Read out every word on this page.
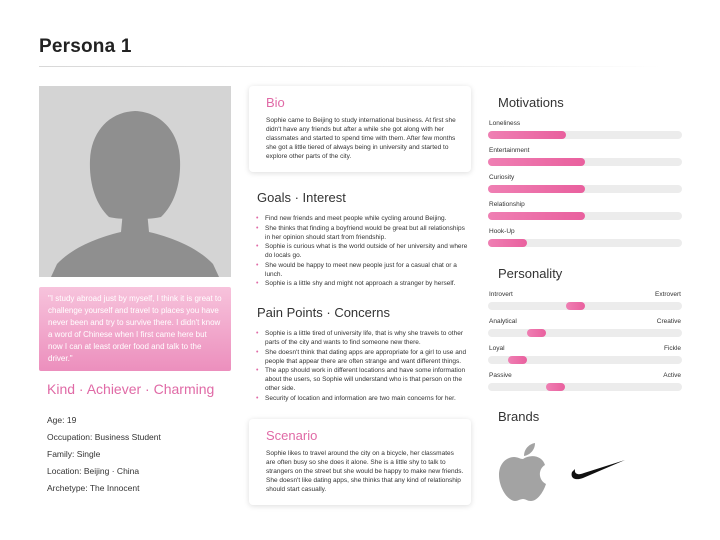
Persona 1

"I study abroad just by myself, I think it is great to challenge yourself and travel to places you have never been and try to survive there. I didn't know a word of Chinese when I first came here but now I can at least order food and talk to the driver."

Kind · Achiever · Charming
Age: 19
Occupation: Business Student
Family: Single
Location: Beijing · China
Archetype: The Innocent
Bio

Sophie came to Beijing to study international business. At first she didn't have any friends but after a while she got along with her classmates and started to spend time with them. After few months she got a little tiered of always being in university and started to explore other parts of the city.

Goals · Interest
• Find new friends and meet people while cycling around Beijing.
• She thinks that finding a boyfriend would be great but all relationships in her opinion should start from friendship.
• Sophie is curious what is the world outside of her university and where do locals go.
• She would be happy to meet new people just for a casual chat or a lunch.
• Sophie is a little shy and might not approach a stranger by herself.
Pain Points · Concerns
• Sophie is a little tired of university life, that is why she travels to other parts of the city and wants to find someone new there.
• She doesn't think that dating apps are appropriate for a girl to use and people that appear there are often strange and want different things.
• The app should work in different locations and have some information about the users, so Sophie will understand who is that person on the other side.
• Security of location and information are two main concerns for her.
Scenario

Sophie likes to travel around the city on a bicycle, her classmates are often busy so she does it alone. She is a little shy to talk to strangers on the street but she would be happy to make new friends. She doesn't like dating apps, she thinks that any kind of relationship should start casually.

Motivations
Loneliness
Entertainment
Curiosity
Relationship
Hook-Up
Personality
Introvert	Extrovert
Analytical	Creative
Loyal	Fickle
Passive	Active
Brands
